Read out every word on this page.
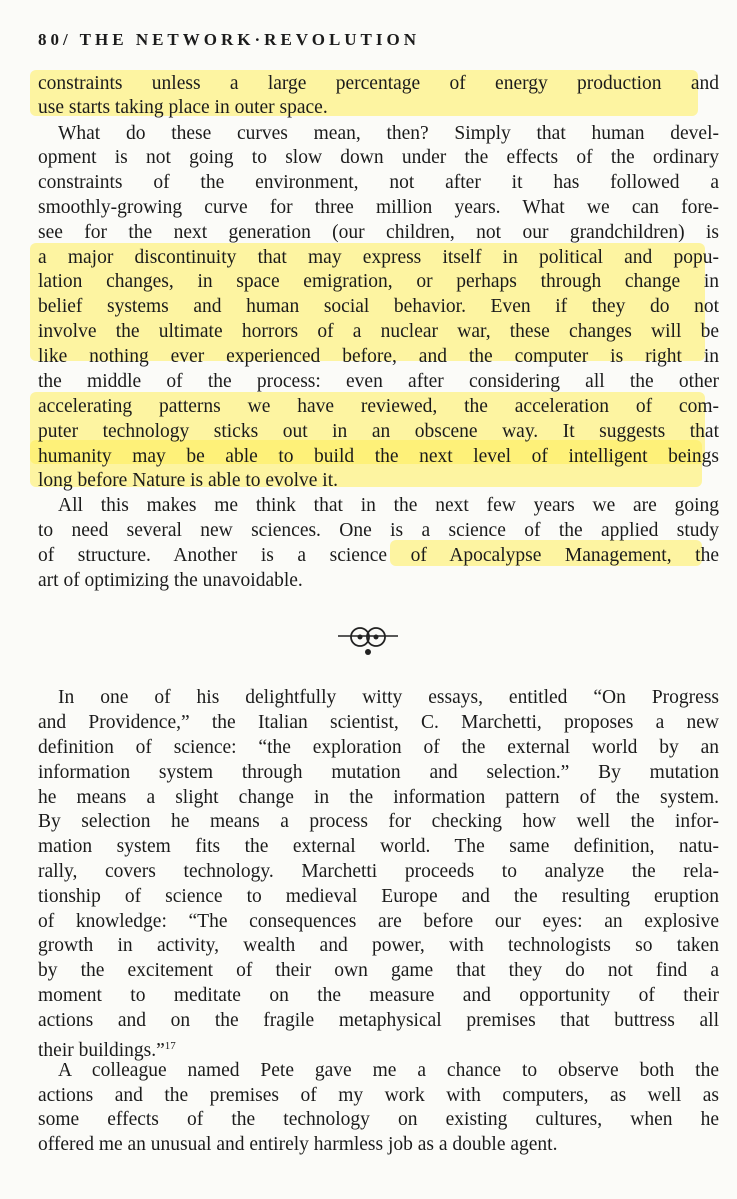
80/ THE NETWORK·REVOLUTION
constraints unless a large percentage of energy production and
use starts taking place in outer space.
What do these curves mean, then? Simply that human devel-
opment is not going to slow down under the effects of the ordinary
constraints of the environment, not after it has followed a
smoothly-growing curve for three million years. What we can fore-
see for the next generation (our children, not our grandchildren) is
a major discontinuity that may express itself in political and popu-
lation changes, in space emigration, or perhaps through change in
belief systems and human social behavior. Even if they do not
involve the ultimate horrors of a nuclear war, these changes will be
like nothing ever experienced before, and the computer is right in
the middle of the process: even after considering all the other
accelerating patterns we have reviewed, the acceleration of com-
puter technology sticks out in an obscene way. It suggests that
humanity may be able to build the next level of intelligent beings
long before Nature is able to evolve it.
All this makes me think that in the next few years we are going
to need several new sciences. One is a science of the applied study
of structure. Another is a science of Apocalypse Management, the
art of optimizing the unavoidable.
In one of his delightfully witty essays, entitled “On Progress
and Providence,” the Italian scientist, C. Marchetti, proposes a new
definition of science: “the exploration of the external world by an
information system through mutation and selection.” By mutation
he means a slight change in the information pattern of the system.
By selection he means a process for checking how well the infor-
mation system fits the external world. The same definition, natu-
rally, covers technology. Marchetti proceeds to analyze the rela-
tionship of science to medieval Europe and the resulting eruption
of knowledge: “The consequences are before our eyes: an explosive
growth in activity, wealth and power, with technologists so taken
by the excitement of their own game that they do not find a
moment to meditate on the measure and opportunity of their
actions and on the fragile metaphysical premises that buttress all
their buildings.”$^{17}$
A colleague named Pete gave me a chance to observe both the
actions and the premises of my work with computers, as well as
some effects of the technology on existing cultures, when he
offered me an unusual and entirely harmless job as a double agent.
